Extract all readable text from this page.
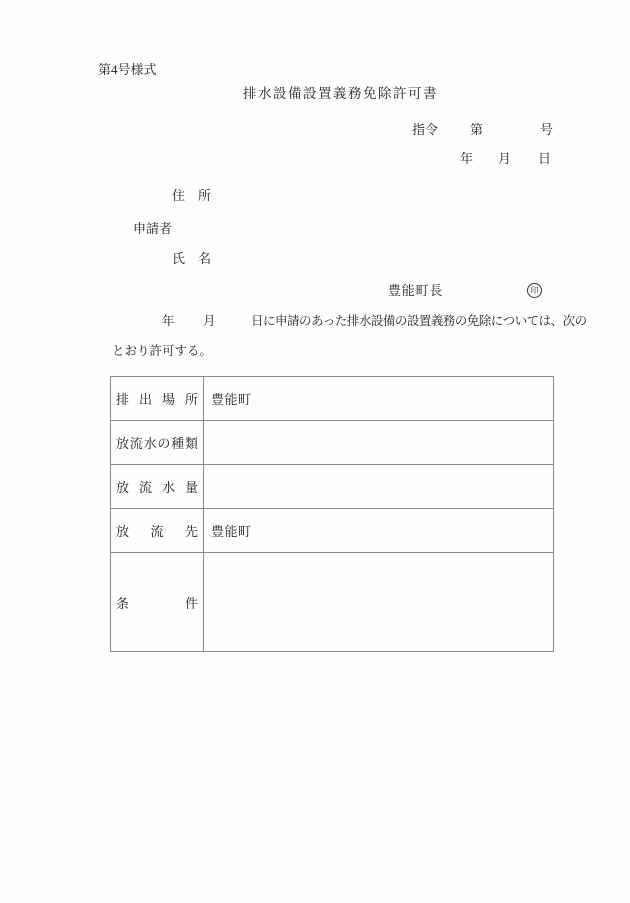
第4号様式
排水設備設置義務免除許可書
指令 第	号
年 月 日
住　所
申請者
氏　名
豊能町長	印
年 月	日に申請のあった排水設備の設置義務の免除については、次の
とおり許可する。
排出場所	豊能町

放流水の種類	

放流水量	

放流先	豊能町

条件	
